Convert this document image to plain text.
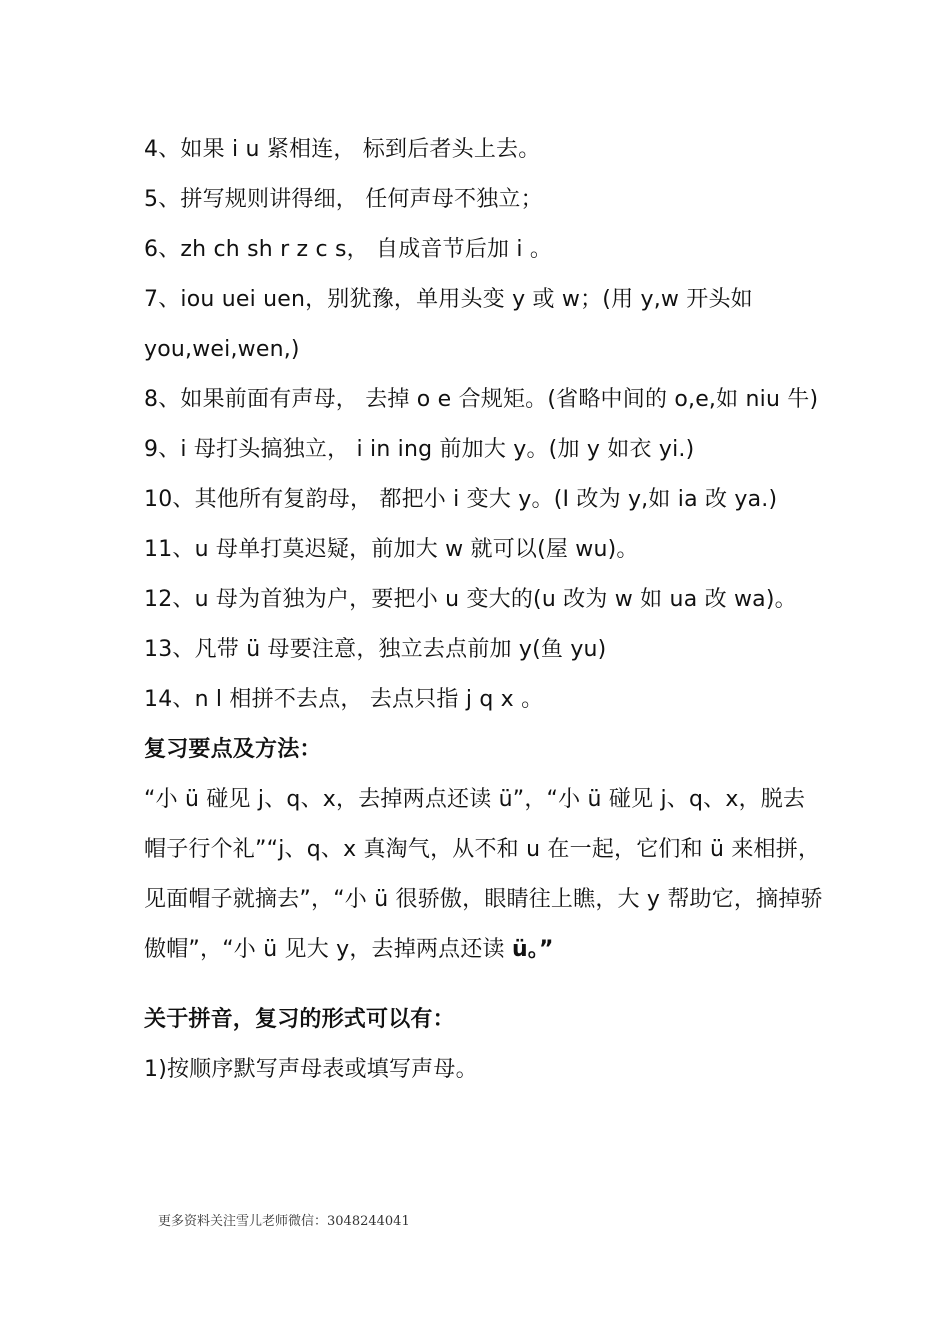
4、如果 i u 紧相连， 标到后者头上去。

5、拼写规则讲得细， 任何声母不独立；

6、zh ch sh r z c s， 自成音节后加 i 。

7、iou uei uen，别犹豫，单用头变 y 或 w；(用 y,w 开头如 you,wei,wen,)

8、如果前面有声母， 去掉 o e 合规矩。(省略中间的 o,e,如 niu 牛)

9、i 母打头搞独立， i in ing 前加大 y。(加 y 如衣 yi.)

10、其他所有复韵母， 都把小 i 变大 y。(I 改为 y,如 ia 改 ya.)

11、u 母单打莫迟疑，前加大 w 就可以(屋 wu)。

12、u 母为首独为户，要把小 u 变大的(u 改为 w 如 ua 改 wa)。

13、凡带 ü 母要注意，独立去点前加 y(鱼 yu)

14、n l 相拼不去点， 去点只指 j q x 。

复习要点及方法：

“小 ü 碰见 j、q、x，去掉两点还读 ü”，“小 ü 碰见 j、q、x，脱去帽子行个礼”“j、q、x 真淘气，从不和 u 在一起，它们和 ü 来相拼，见面帽子就摘去”，“小 ü 很骄傲，眼睛往上瞧，大 y 帮助它，摘掉骄傲帽”，“小 ü 见大 y，去掉两点还读 ü。”

关于拼音，复习的形式可以有：

1)按顺序默写声母表或填写声母。

更多资料关注雪儿老师微信：3048244041
